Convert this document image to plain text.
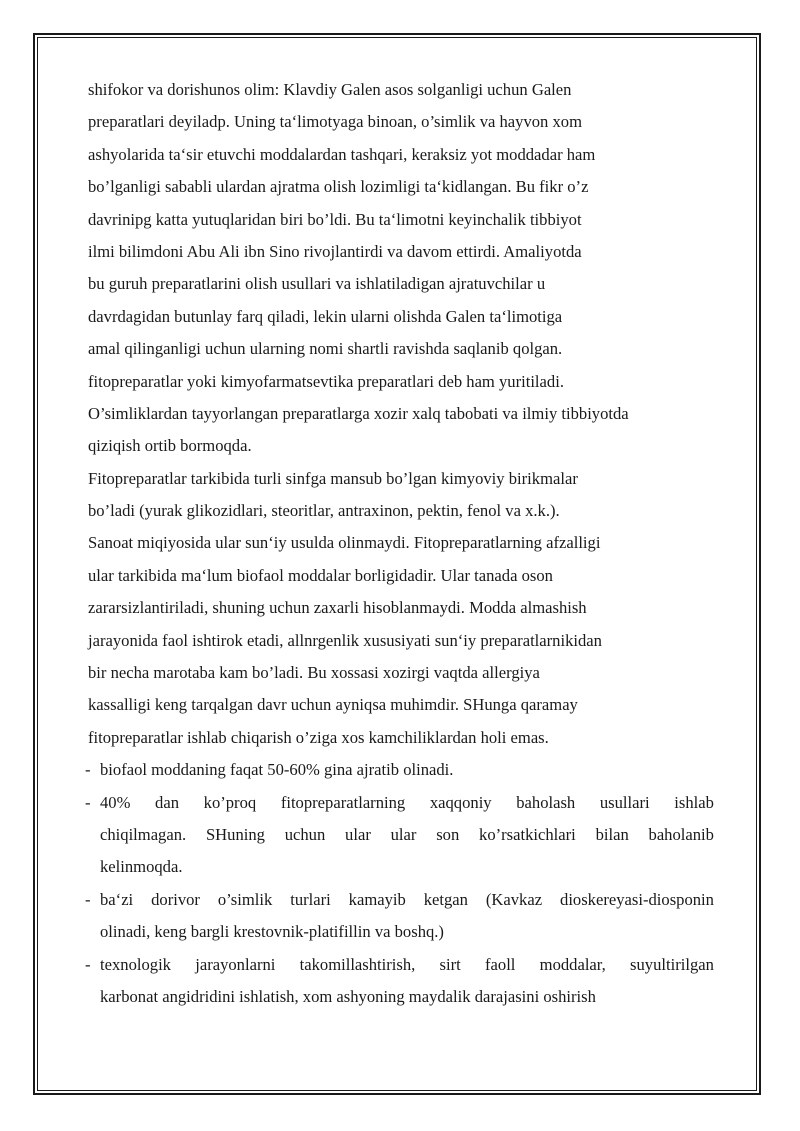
shifokor va dorishunos olim: Klavdiy Galen asos solganligi uchun Galen
preparatlari deyiladp. Uning ta‘limotyaga binoan, o’simlik va hayvon xom
ashyolarida ta‘sir etuvchi moddalardan tashqari, keraksiz yot moddadar ham
bo’lganligi sababli ulardan ajratma olish lozimligi ta‘kidlangan. Bu fikr o’z
davrinipg katta yutuqlaridan biri bo’ldi. Bu ta‘limotni keyinchalik tibbiyot
ilmi bilimdoni Abu Ali ibn Sino rivojlantirdi va davom ettirdi. Amaliyotda
bu guruh preparatlarini olish usullari va ishlatiladigan ajratuvchilar u
davrdagidan butunlay farq qiladi, lekin ularni olishda Galen ta‘limotiga
amal qilinganligi uchun ularning nomi shartli ravishda saqlanib qolgan.
fitopreparatlar yoki kimyofarmatsevtika preparatlari deb ham yuritiladi.
O’simliklardan tayyorlangan preparatlarga xozir xalq tabobati va ilmiy tibbiyotda
qiziqish ortib bormoqda.
Fitopreparatlar tarkibida turli sinfga mansub bo’lgan kimyoviy birikmalar
bo’ladi (yurak glikozidlari, steoritlar, antraxinon, pektin, fenol va x.k.).
Sanoat miqiyosida ular sun‘iy usulda olinmaydi. Fitopreparatlarning afzalligi
ular tarkibida ma‘lum biofaol moddalar borligidadir. Ular tanada oson
zararsizlantiriladi, shuning uchun zaxarli hisoblanmaydi. Modda almashish
jarayonida faol ishtirok etadi, allnrgenlik xususiyati sun‘iy preparatlarnikidan
bir necha marotaba kam bo’ladi. Bu xossasi xozirgi vaqtda allergiya
kassalligi keng tarqalgan davr uchun ayniqsa muhimdir. SHunga qaramay
fitopreparatlar ishlab chiqarish o’ziga xos kamchiliklardan holi emas.
- biofaol moddaning faqat 50-60% gina ajratib olinadi.
- 40% dan ko’proq fitopreparatlarning xaqqoniy baholash usullari ishlab
chiqilmagan. SHuning uchun ular ular son ko’rsatkichlari bilan baholanib
kelinmoqda.
- ba‘zi dorivor o’simlik turlari kamayib ketgan (Kavkaz dioskereyasi-diosponin
olinadi, keng bargli krestovnik-platifillin va boshq.)
- texnologik jarayonlarni takomillashtirish, sirt faoll moddalar, suyultirilgan
karbonat angidridini ishlatish, xom ashyoning maydalik darajasini oshirish
